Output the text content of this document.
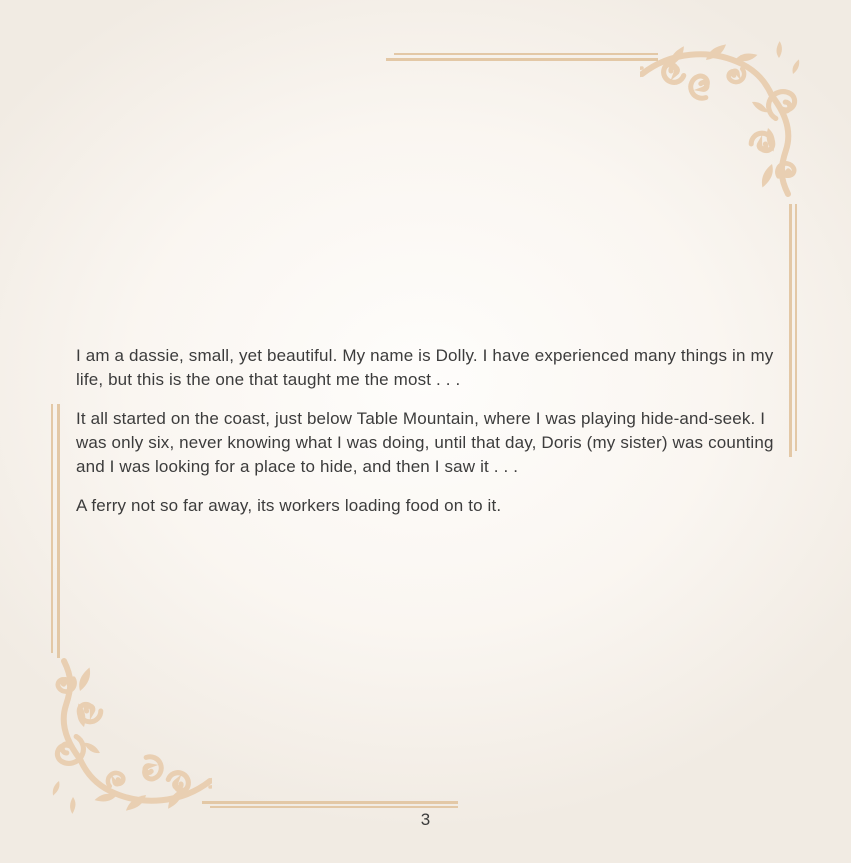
I am a dassie, small, yet beautiful. My name is Dolly. I have experienced many things in my life, but this is the one that taught me the most . . .

It all started on the coast, just below Table Mountain, where I was playing hide-and-seek. I was only six, never knowing what I was doing, until that day, Doris (my sister) was counting and I was looking for a place to hide, and then I saw it . . .

A ferry not so far away, its workers loading food on to it.

3
